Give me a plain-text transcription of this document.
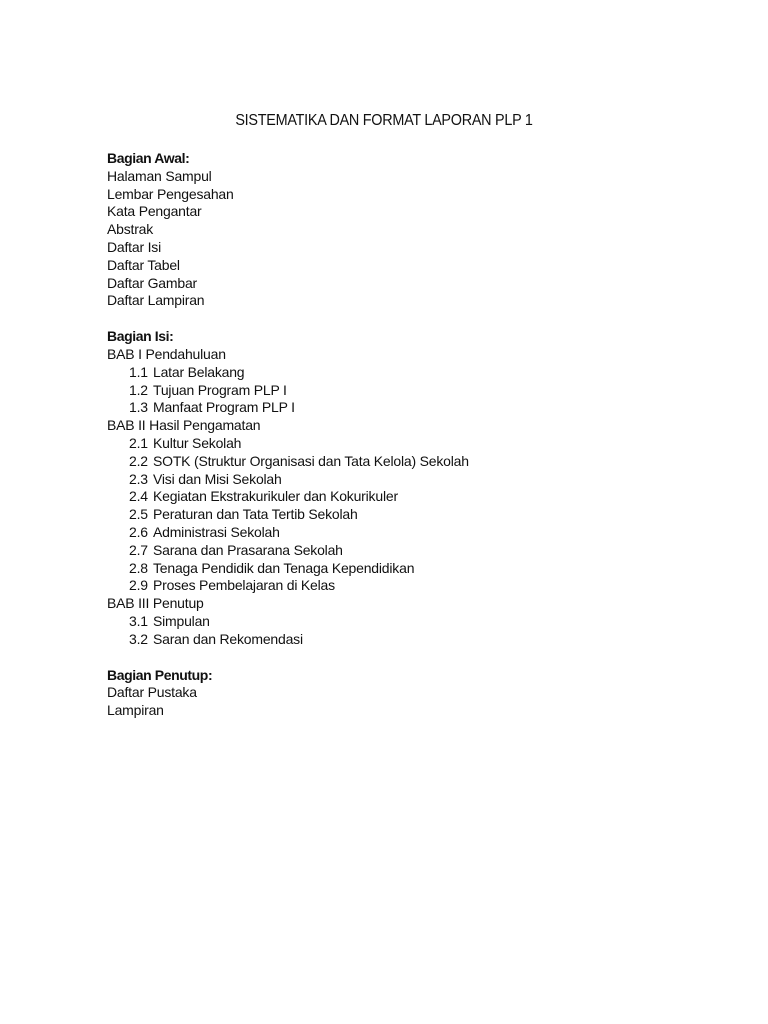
SISTEMATIKA DAN FORMAT LAPORAN PLP 1
Bagian Awal:
Halaman Sampul
Lembar Pengesahan
Kata Pengantar
Abstrak
Daftar Isi
Daftar Tabel
Daftar Gambar
Daftar Lampiran
Bagian Isi:
BAB I Pendahuluan
1.1 Latar Belakang
1.2 Tujuan Program PLP I
1.3 Manfaat Program PLP I
BAB II Hasil Pengamatan
2.1 Kultur Sekolah
2.2 SOTK (Struktur Organisasi dan Tata Kelola) Sekolah
2.3 Visi dan Misi Sekolah
2.4 Kegiatan Ekstrakurikuler dan Kokurikuler
2.5 Peraturan dan Tata Tertib Sekolah
2.6 Administrasi Sekolah
2.7 Sarana dan Prasarana Sekolah
2.8 Tenaga Pendidik dan Tenaga Kependidikan
2.9 Proses Pembelajaran di Kelas
BAB III Penutup
3.1 Simpulan
3.2 Saran dan Rekomendasi
Bagian Penutup:
Daftar Pustaka
Lampiran
